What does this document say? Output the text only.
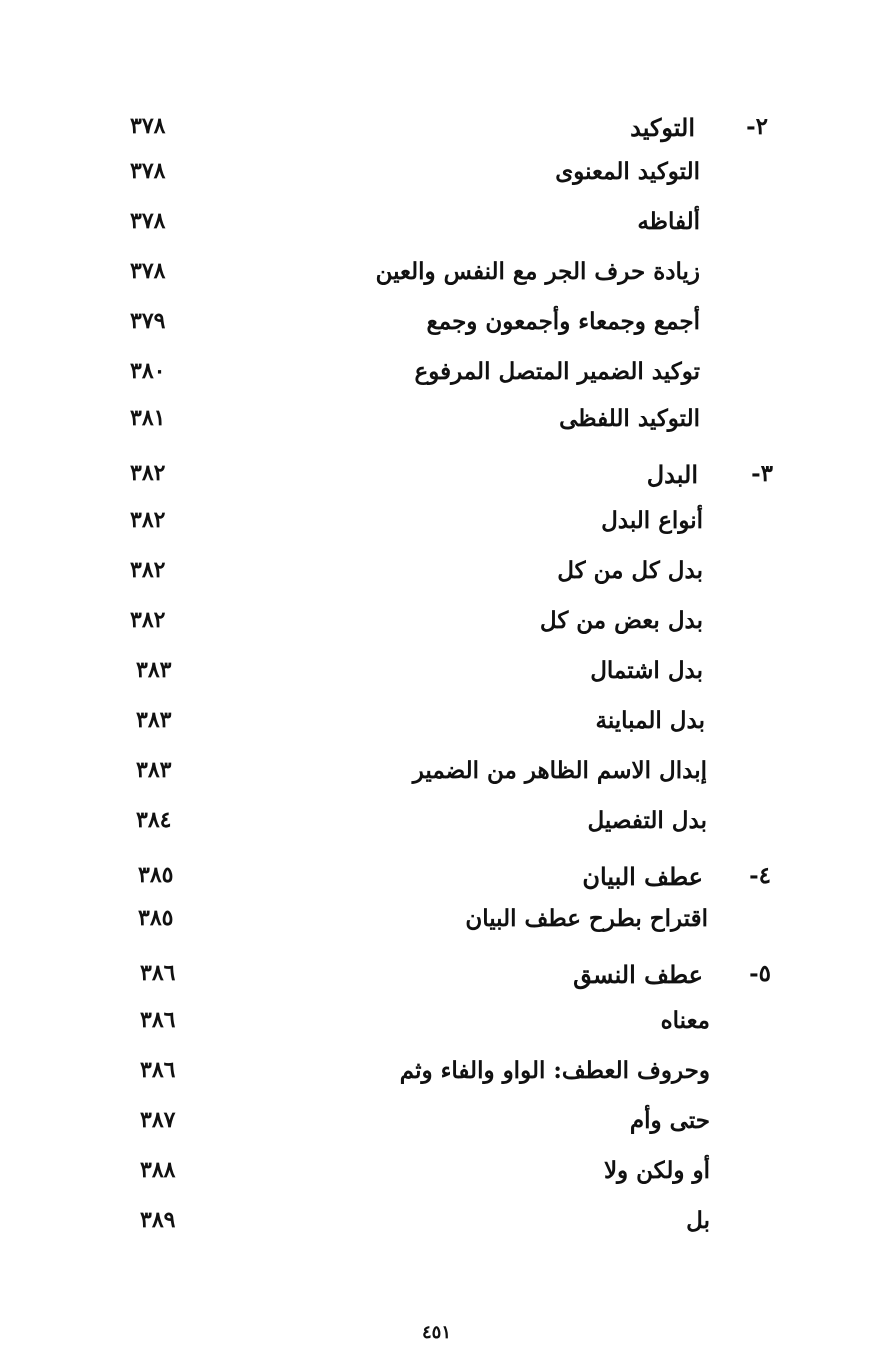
٢-
التوكيد
٣٧٨
التوكيد المعنوى
٣٧٨
ألفاظه
٣٧٨
زيادة حرف الجر مع النفس والعين
٣٧٨
أجمع وجمعاء وأجمعون وجمع
٣٧٩
توكيد الضمير المتصل المرفوع
٣٨٠
التوكيد اللفظى
٣٨١
٣-
البدل
٣٨٢
أنواع البدل
٣٨٢
بدل كل من كل
٣٨٢
بدل بعض من كل
٣٨٢
بدل اشتمال
٣٨٣
بدل المباينة
٣٨٣
إبدال الاسم الظاهر من الضمير
٣٨٣
بدل التفصيل
٣٨٤
٤-
عطف البيان
٣٨٥
اقتراح بطرح عطف البيان
٣٨٥
٥-
عطف النسق
٣٨٦
معناه
٣٨٦
وحروف العطف: الواو والفاء وثم
٣٨٦
حتى وأم
٣٨٧
أو ولكن ولا
٣٨٨
بل
٣٨٩
٤٥١
